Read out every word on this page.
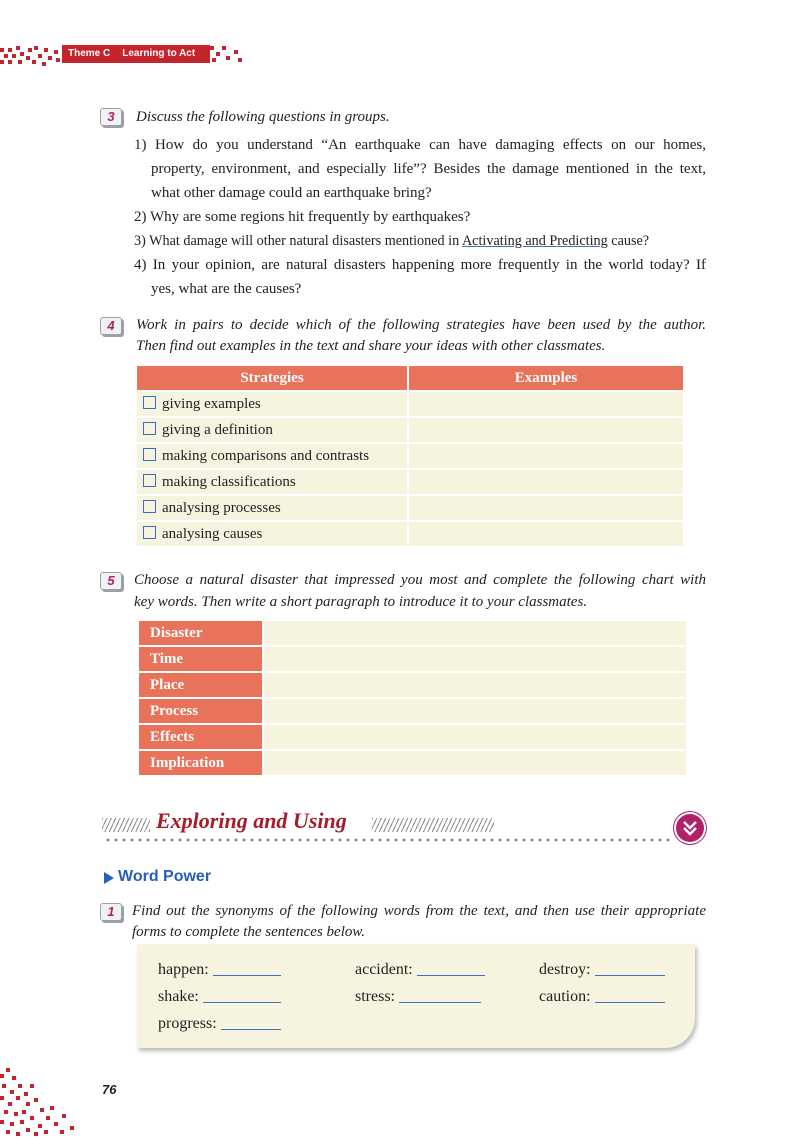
Theme C Learning to Act
3	Discuss the following questions in groups.
1) How do you understand “An earthquake can have damaging effects on our homes,
property, environment, and especially life”? Besides the damage mentioned in the text,
what other damage could an earthquake bring?
2) Why are some regions hit frequently by earthquakes?
3) What damage will other natural disasters mentioned in Activating and Predicting cause?
4) In your opinion, are natural disasters happening more frequently in the world today? If
yes, what are the causes?
4	Work in pairs to decide which of the following strategies have been used by the author.
Then find out examples in the text and share your ideas with other classmates.
Strategies	Examples
giving examples	
giving a definition	
making comparisons and contrasts	
making classifications	
analysing processes	
analysing causes	
5	Choose a natural disaster that impressed you most and complete the following chart with
key words. Then write a short paragraph to introduce it to your classmates.
Disaster	
Time	
Place	
Process	
Effects	
Implication	
Exploring and Using
Word Power
1	Find out the synonyms of the following words from the text, and then use their appropriate
forms to complete the sentences below.
happen:	accident:	destroy:
shake:	stress:	caution:
progress:
76
